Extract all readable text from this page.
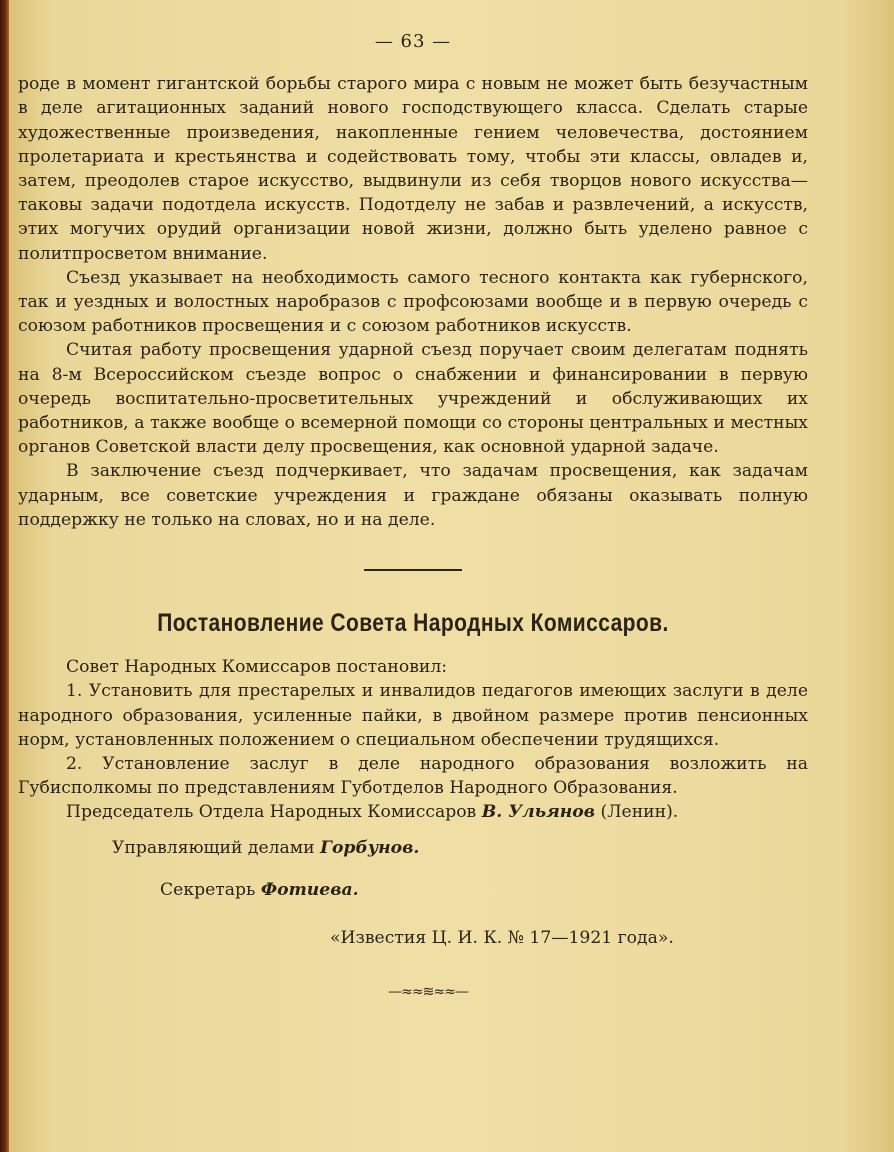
— 63 —

роде в момент гигантской борьбы старого мира с новым не может быть безучастным в деле агитационных заданий нового господствующего класса. Сделать старые художественные произведения, накопленные гением человечества, достоянием пролетариата и крестьянства и содействовать тому, чтобы эти классы, овладев и, затем, преодолев старое искусство, выдвинули из себя творцов нового искусства—таковы задачи подотдела искусств. Подотделу не забав и развлечений, а искусств, этих могучих орудий организации новой жизни, должно быть уделено равное с политпросветом внимание.

Съезд указывает на необходимость самого тесного контакта как губернского, так и уездных и волостных наробразов с профсоюзами вообще и в первую очередь с союзом работников просвещения и с союзом работников искусств.

Считая работу просвещения ударной съезд поручает своим делегатам поднять на 8-м Всероссийском съезде вопрос о снабжении и финансировании в первую очередь воспитательно-просветительных учреждений и обслуживающих их работников, а также вообще о всемерной помощи со стороны центральных и местных органов Советской власти делу просвещения, как основной ударной задаче.

В заключение съезд подчеркивает, что задачам просвещения, как задачам ударным, все советские учреждения и граждане обязаны оказывать полную поддержку не только на словах, но и на деле.

Постановление Совета Народных Комиссаров.

Совет Народных Комиссаров постановил:

1. Установить для престарелых и инвалидов педагогов имеющих заслуги в деле народного образования, усиленные пайки, в двойном размере против пенсионных норм, установленных положением о специальном обеспечении трудящихся.

2. Установление заслуг в деле народного образования возложить на Губисполкомы по представлениям Губотделов Народного Образования.

Председатель Отдела Народных Комиссаров В. Ульянов (Ленин).

Управляющий делами Горбунов.

Секретарь Фотиева.

«Известия Ц. И. К. № 17—1921 года».

—≈≈≋≈≈—
